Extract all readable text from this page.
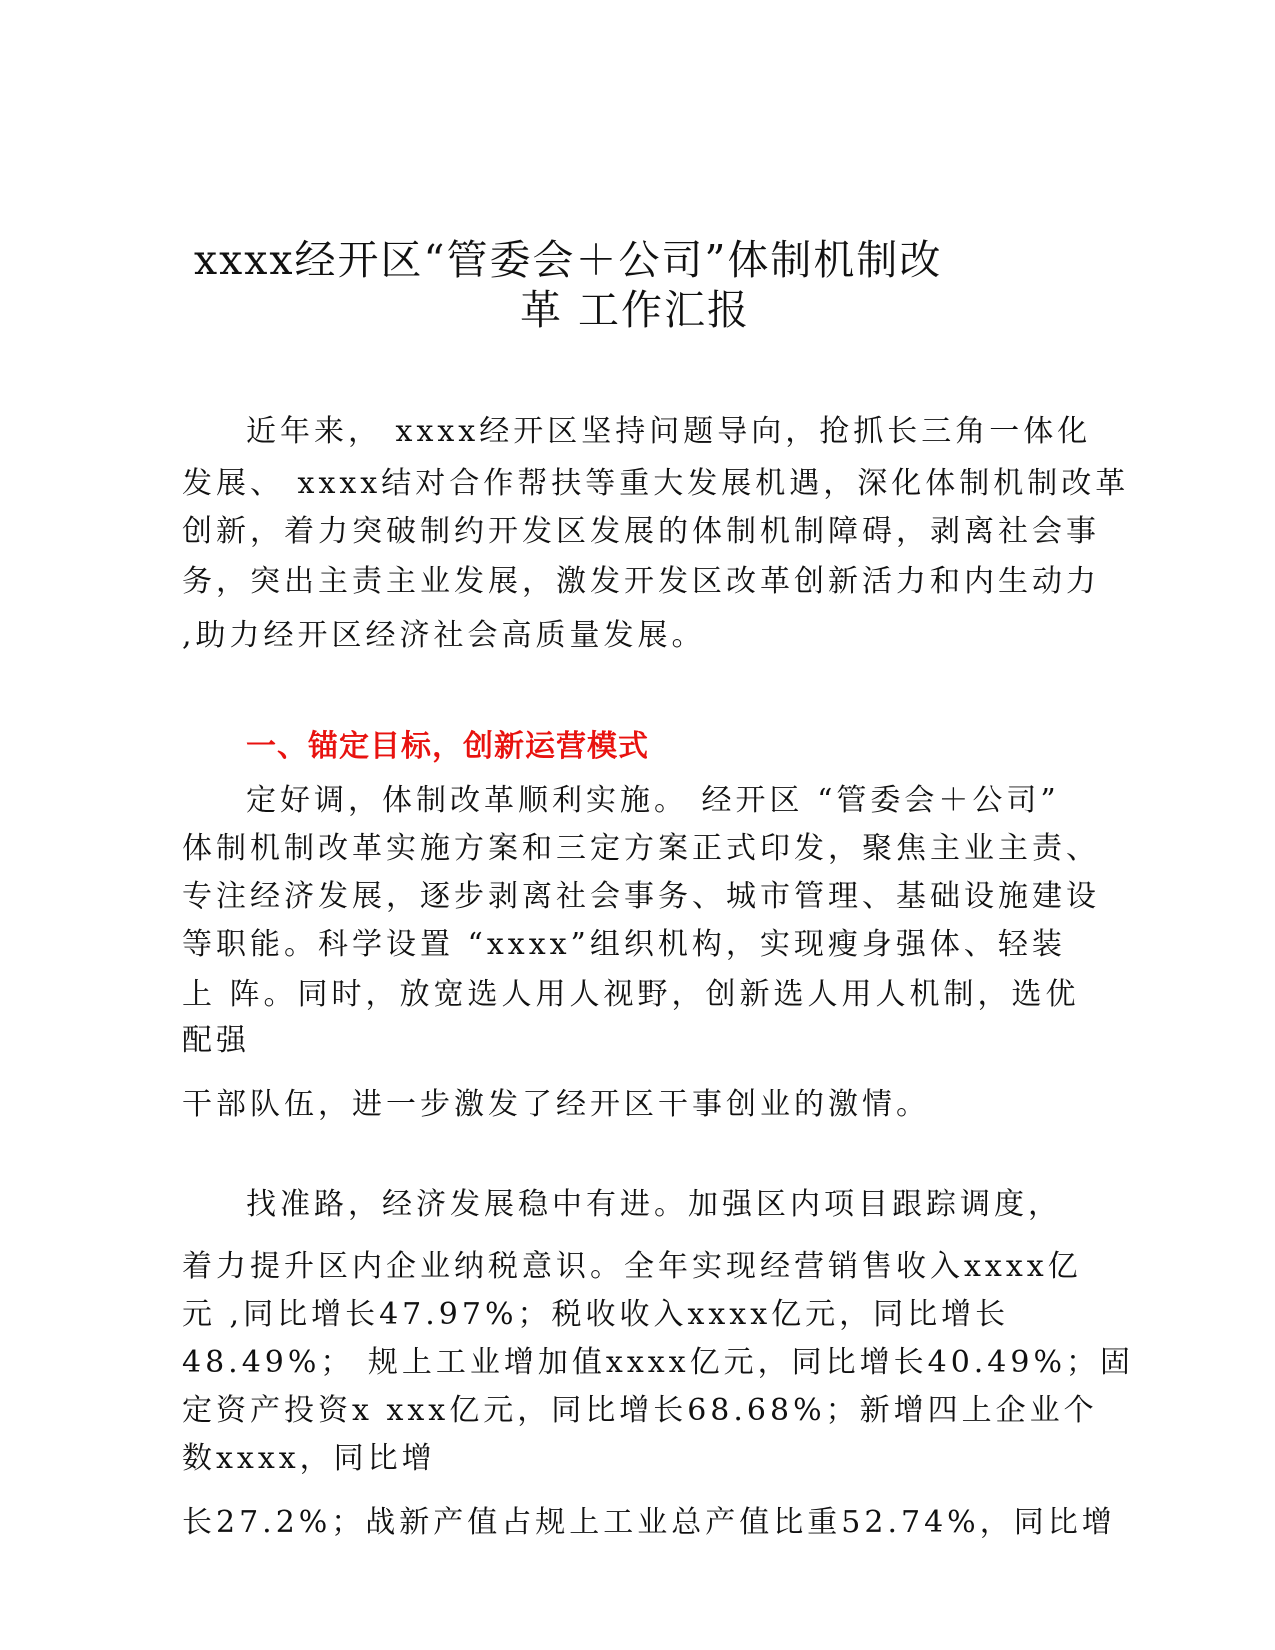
xxxx经开区“管委会＋公司”体制机制改
革 工作汇报
近年来， xxxx经开区坚持问题导向，抢抓长三角一体化
发展、 xxxx结对合作帮扶等重大发展机遇，深化体制机制改革
创新，着力突破制约开发区发展的体制机制障碍，剥离社会事
务，突出主责主业发展，激发开发区改革创新活力和内生动力
,助力经开区经济社会高质量发展。
一、锚定目标，创新运营模式
定好调，体制改革顺利实施。 经开区 “管委会＋公司”
体制机制改革实施方案和三定方案正式印发，聚焦主业主责、
专注经济发展，逐步剥离社会事务、城市管理、基础设施建设
等职能。科学设置 “xxxx”组织机构，实现瘦身强体、轻装
上 阵。同时，放宽选人用人视野，创新选人用人机制，选优
配强
干部队伍，进一步激发了经开区干事创业的激情。
找准路，经济发展稳中有进。加强区内项目跟踪调度，
着力提升区内企业纳税意识。全年实现经营销售收入xxxx亿
元 ,同比增长47.97%；税收收入xxxx亿元，同比增长
48.49%； 规上工业增加值xxxx亿元，同比增长40.49%；固
定资产投资x xxx亿元，同比增长68.68%；新增四上企业个
数xxxx，同比增
长27.2%；战新产值占规上工业总产值比重52.74%，同比增
